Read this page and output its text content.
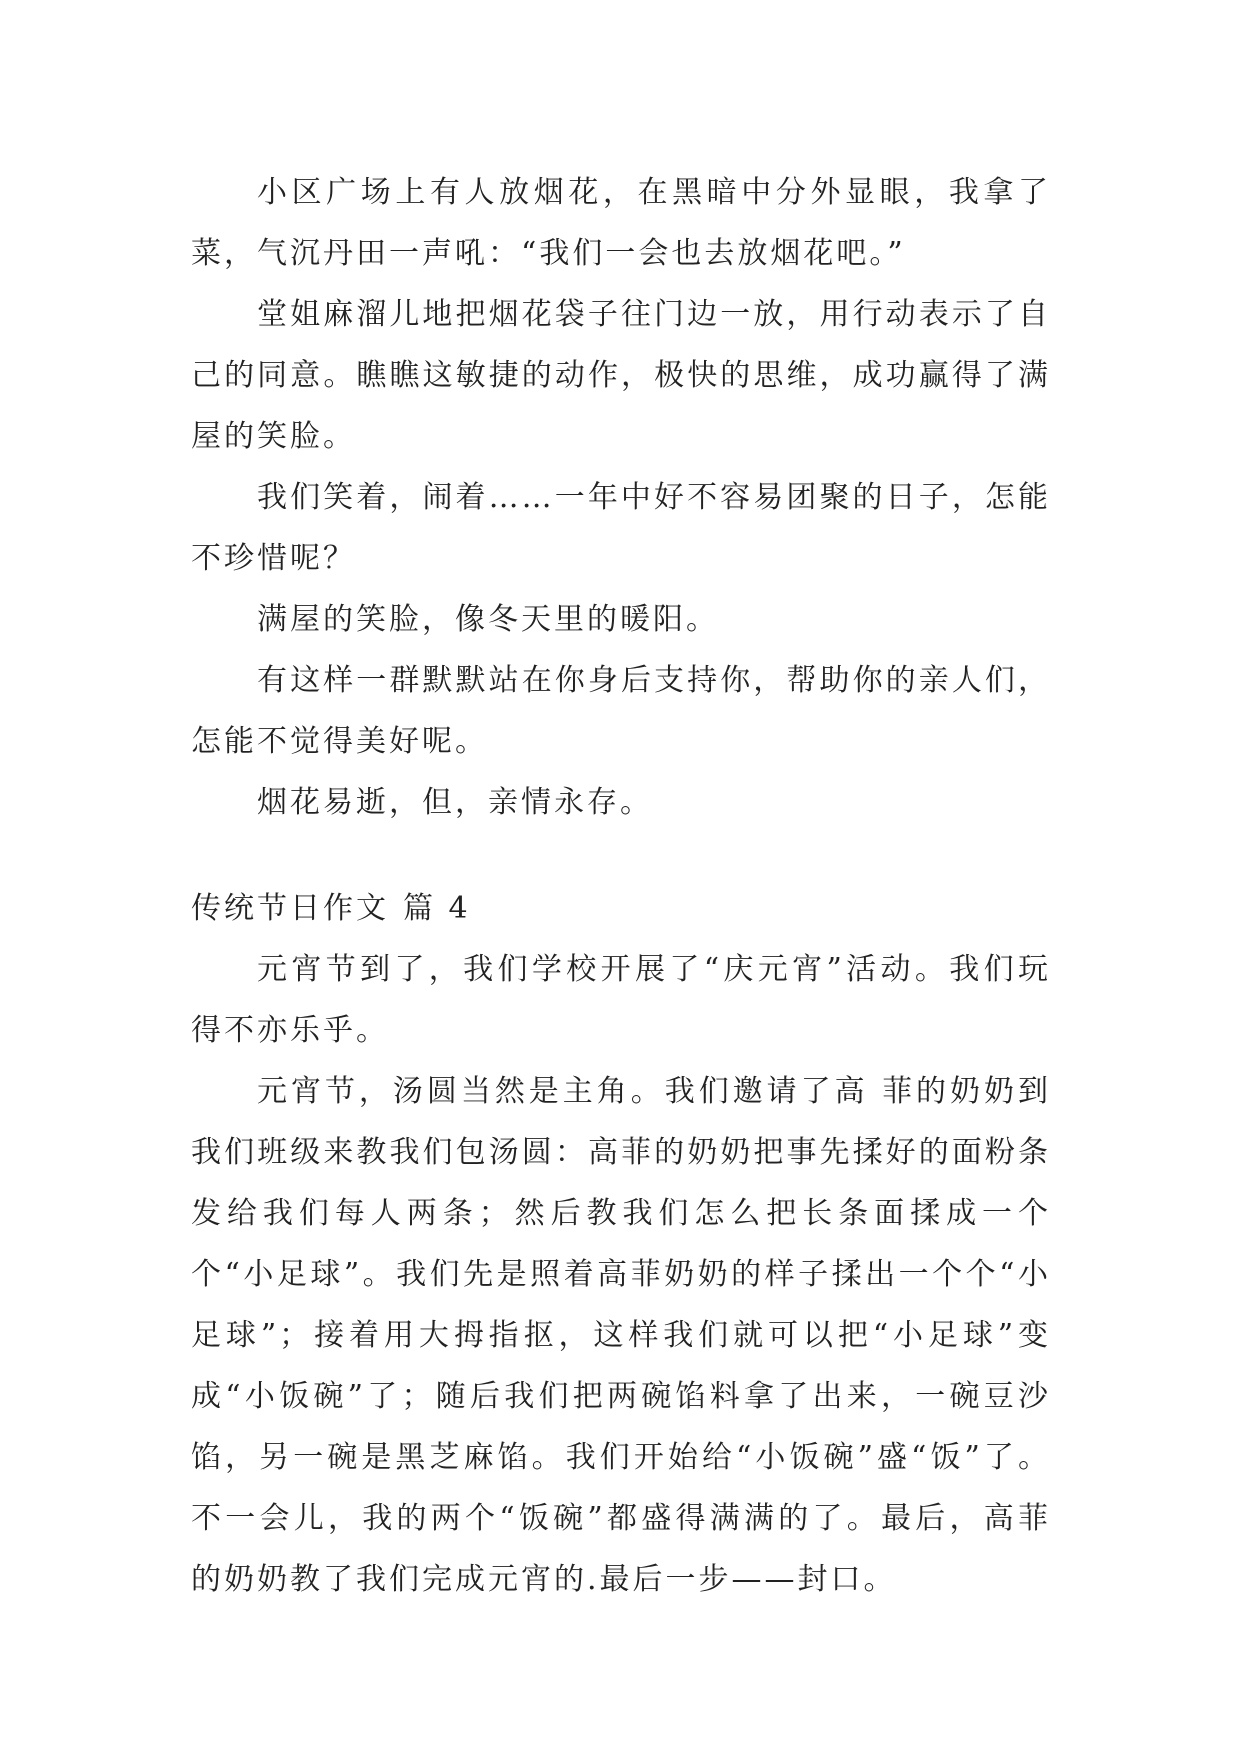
小区广场上有人放烟花，在黑暗中分外显眼，我拿了菜，气沉丹田一声吼：“我们一会也去放烟花吧。”

堂姐麻溜儿地把烟花袋子往门边一放，用行动表示了自己的同意。瞧瞧这敏捷的动作，极快的思维，成功赢得了满屋的笑脸。

我们笑着，闹着……一年中好不容易团聚的日子，怎能不珍惜呢？

满屋的笑脸，像冬天里的暖阳。

有这样一群默默站在你身后支持你，帮助你的亲人们，怎能不觉得美好呢。

烟花易逝，但，亲情永存。

传统节日作文 篇 4

元宵节到了，我们学校开展了“庆元宵”活动。我们玩得不亦乐乎。

元宵节，汤圆当然是主角。我们邀请了高 菲的奶奶到我们班级来教我们包汤圆：高菲的奶奶把事先揉好的面粉条发给我们每人两条；然后教我们怎么把长条面揉成一个个“小足球”。我们先是照着高菲奶奶的样子揉出一个个“小足球”；接着用大拇指抠，这样我们就可以把“小足球”变成“小饭碗”了；随后我们把两碗馅料拿了出来，一碗豆沙馅，另一碗是黑芝麻馅。我们开始给“小饭碗”盛“饭”了。不一会儿，我的两个“饭碗”都盛得满满的了。最后，高菲的奶奶教了我们完成元宵的.最后一步——封口。
